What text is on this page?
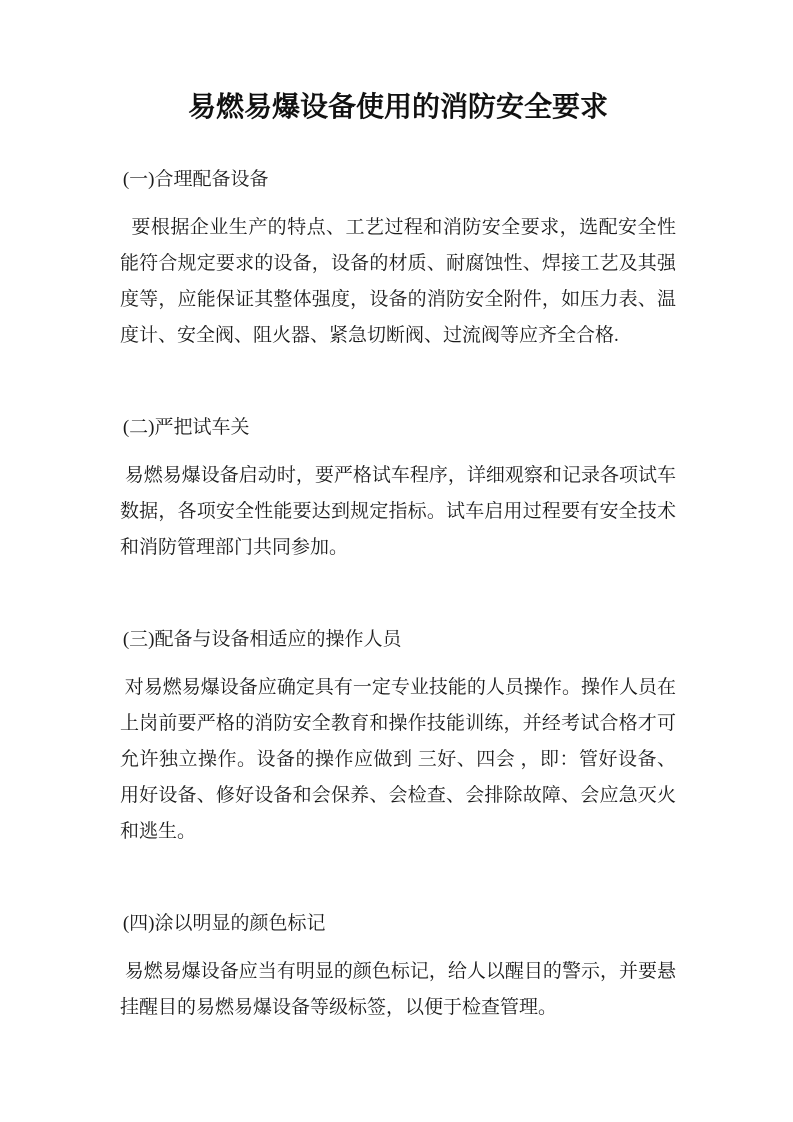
易燃易爆设备使用的消防安全要求
(一)合理配备设备

要根据企业生产的特点、工艺过程和消防安全要求，选配安全性能符合规定要求的设备，设备的材质、耐腐蚀性、焊接工艺及其强度等，应能保证其整体强度，设备的消防安全附件，如压力表、温度计、安全阀、阻火器、紧急切断阀、过流阀等应齐全合格.

(二)严把试车关

易燃易爆设备启动时，要严格试车程序，详细观察和记录各项试车数据，各项安全性能要达到规定指标。试车启用过程要有安全技术和消防管理部门共同参加。

(三)配备与设备相适应的操作人员

对易燃易爆设备应确定具有一定专业技能的人员操作。操作人员在上岗前要严格的消防安全教育和操作技能训练，并经考试合格才可允许独立操作。设备的操作应做到 三好、四会 ，即：管好设备、用好设备、修好设备和会保养、会检查、会排除故障、会应急灭火和逃生。

(四)涂以明显的颜色标记

易燃易爆设备应当有明显的颜色标记，给人以醒目的警示，并要悬挂醒目的易燃易爆设备等级标签，以便于检查管理。
